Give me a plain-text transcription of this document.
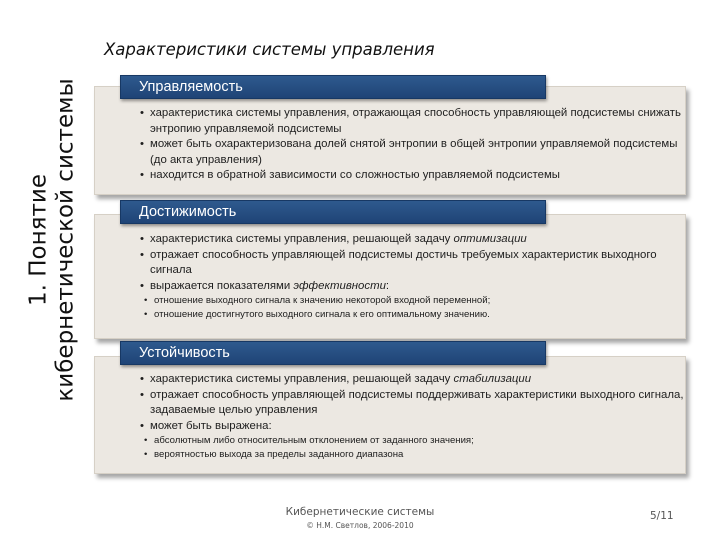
1. Понятие кибернетической системы
Характеристики системы управления
Управляемость
• характеристика системы управления, отражающая способность управляющей подсистемы снижать энтропию управляемой подсистемы
• может быть охарактеризована долей снятой энтропии в общей энтропии управляемой подсистемы (до акта управления)
• находится в обратной зависимости со сложностью управляемой подсистемы
Достижимость
• характеристика системы управления, решающей задачу оптимизации
• отражает способность управляющей подсистемы достичь требуемых характеристик выходного сигнала
• выражается показателями эффективности:
• отношение выходного сигнала к значению некоторой входной переменной;
• отношение достигнутого выходного сигнала к его оптимальному значению.
Устойчивость
• характеристика системы управления, решающей задачу стабилизации
• отражает способность управляющей подсистемы поддерживать характеристики выходного сигнала, задаваемые целью управления
• может быть выражена:
• абсолютным либо относительным отклонением от заданного значения;
• вероятностью выхода за пределы заданного диапазона
Кибернетические системы
© Н.М. Светлов, 2006-2010
5/11
